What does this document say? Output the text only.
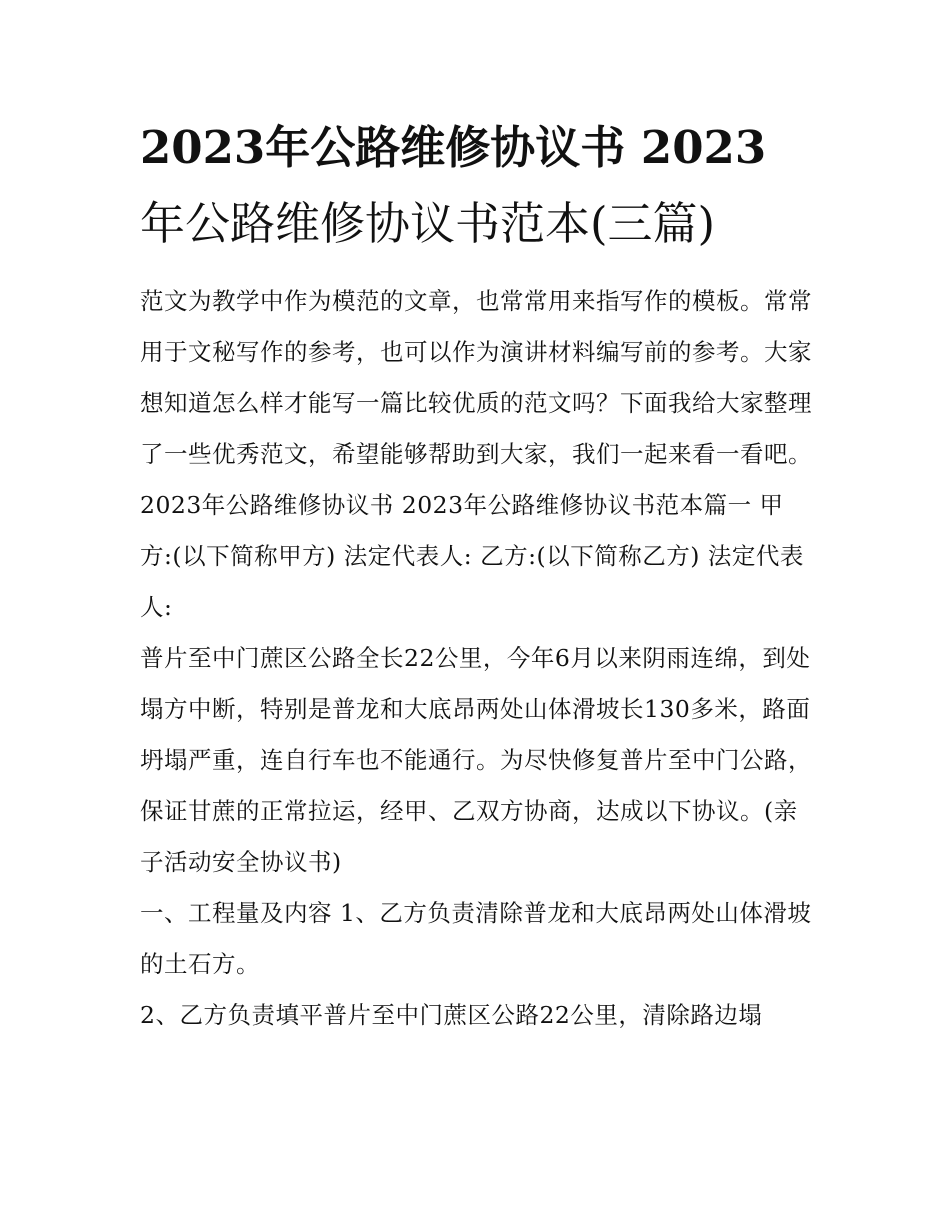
2023年公路维修协议书 2023
年公路维修协议书范本(三篇)

范文为教学中作为模范的文章，也常常用来指写作的模板。常常用于文秘写作的参考，也可以作为演讲材料编写前的参考。大家想知道怎么样才能写一篇比较优质的范文吗？下面我给大家整理了一些优秀范文，希望能够帮助到大家，我们一起来看一看吧。

2023年公路维修协议书 2023年公路维修协议书范本篇一 甲方:(以下简称甲方) 法定代表人: 乙方:(以下简称乙方) 法定代表人:

普片至中门蔗区公路全长22公里，今年6月以来阴雨连绵，到处塌方中断，特别是普龙和大底昂两处山体滑坡长130多米，路面坍塌严重，连自行车也不能通行。为尽快修复普片至中门公路，保证甘蔗的正常拉运，经甲、乙双方协商，达成以下协议。(亲子活动安全协议书)

一、工程量及内容 1、乙方负责清除普龙和大底昂两处山体滑坡的土石方。

2、乙方负责填平普片至中门蔗区公路22公里，清除路边塌
